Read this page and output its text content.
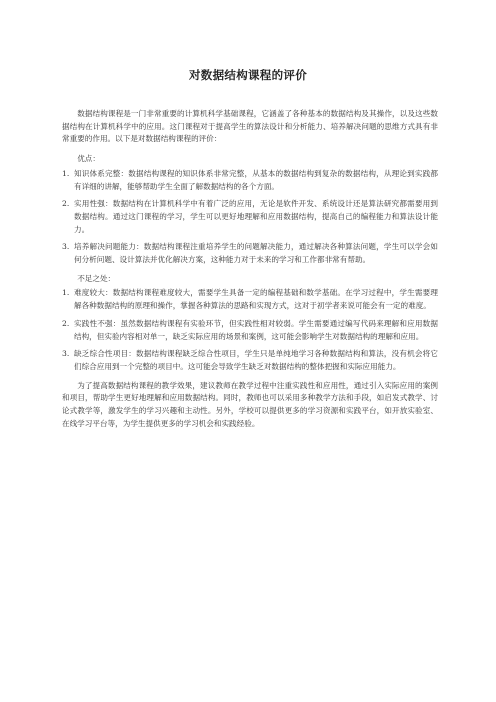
对数据结构课程的评价

数据结构课程是一门非常重要的计算机科学基础课程，它涵盖了各种基本的数据结构及其操作，以及这些数据结构在计算机科学中的应用。这门课程对于提高学生的算法设计和分析能力、培养解决问题的思维方式具有非常重要的作用。以下是对数据结构课程的评价：

优点：

1. 知识体系完整：数据结构课程的知识体系非常完整，从基本的数据结构到复杂的数据结构，从理论到实践都有详细的讲解，能够帮助学生全面了解数据结构的各个方面。
2. 实用性强：数据结构在计算机科学中有着广泛的应用，无论是软件开发、系统设计还是算法研究都需要用到数据结构。通过这门课程的学习，学生可以更好地理解和应用数据结构，提高自己的编程能力和算法设计能力。
3. 培养解决问题能力：数据结构课程注重培养学生的问题解决能力，通过解决各种算法问题，学生可以学会如何分析问题、设计算法并优化解决方案，这种能力对于未来的学习和工作都非常有帮助。

不足之处：

1. 难度较大：数据结构课程难度较大，需要学生具备一定的编程基础和数学基础。在学习过程中，学生需要理解各种数据结构的原理和操作，掌握各种算法的思路和实现方式，这对于初学者来说可能会有一定的难度。
2. 实践性不强：虽然数据结构课程有实验环节，但实践性相对较弱。学生需要通过编写代码来理解和应用数据结构，但实验内容相对单一，缺乏实际应用的场景和案例，这可能会影响学生对数据结构的理解和应用。
3. 缺乏综合性项目：数据结构课程缺乏综合性项目，学生只是单纯地学习各种数据结构和算法，没有机会将它们综合应用到一个完整的项目中。这可能会导致学生缺乏对数据结构的整体把握和实际应用能力。

为了提高数据结构课程的教学效果，建议教师在教学过程中注重实践性和应用性，通过引入实际应用的案例和项目，帮助学生更好地理解和应用数据结构。同时，教师也可以采用多种教学方法和手段，如启发式教学、讨论式教学等，激发学生的学习兴趣和主动性。另外，学校可以提供更多的学习资源和实践平台，如开放实验室、在线学习平台等，为学生提供更多的学习机会和实践经验。
